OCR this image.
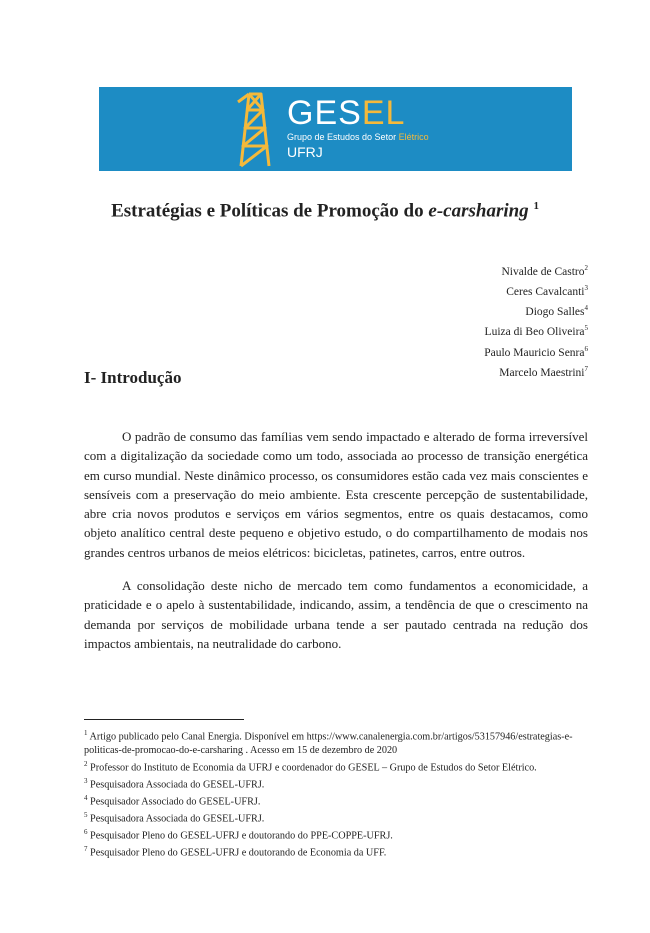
GESEL
Grupo de Estudos do Setor Elétrico
UFRJ
Estratégias e Políticas de Promoção do e-carsharing $^1$
Nivalde de Castro$^2$
Ceres Cavalcanti$^3$
Diogo Salles$^4$
Luiza di Beo Oliveira$^5$
Paulo Mauricio Senra$^6$
Marcelo Maestrini$^7$
I- Introdução

O padrão de consumo das famílias vem sendo impactado e alterado de forma irreversível com a digitalização da sociedade como um todo, associada ao processo de transição energética em curso mundial. Neste dinâmico processo, os consumidores estão cada vez mais conscientes e sensíveis com a preservação do meio ambiente. Esta crescente percepção de sustentabilidade, abre cria novos produtos e serviços em vários segmentos, entre os quais destacamos, como objeto analítico central deste pequeno e objetivo estudo, o do compartilhamento de modais nos grandes centros urbanos de meios elétricos: bicicletas, patinetes, carros, entre outros.

A consolidação deste nicho de mercado tem como fundamentos a economicidade, a praticidade e o apelo à sustentabilidade, indicando, assim, a tendência de que o crescimento na demanda por serviços de mobilidade urbana tende a ser pautado centrada na redução dos impactos ambientais, na neutralidade do carbono.

$^1$ Artigo publicado pelo Canal Energia. Disponível em https://www.canalenergia.com.br/artigos/53157946/estrategias-e-politicas-de-promocao-do-e-carsharing . Acesso em 15 de dezembro de 2020

$^2$ Professor do Instituto de Economia da UFRJ e coordenador do GESEL – Grupo de Estudos do Setor Elétrico.

$^3$ Pesquisadora Associada do GESEL-UFRJ.

$^4$ Pesquisador Associado do GESEL-UFRJ.

$^5$ Pesquisadora Associada do GESEL-UFRJ.

$^6$ Pesquisador Pleno do GESEL-UFRJ e doutorando do PPE-COPPE-UFRJ.

$^7$ Pesquisador Pleno do GESEL-UFRJ e doutorando de Economia da UFF.
